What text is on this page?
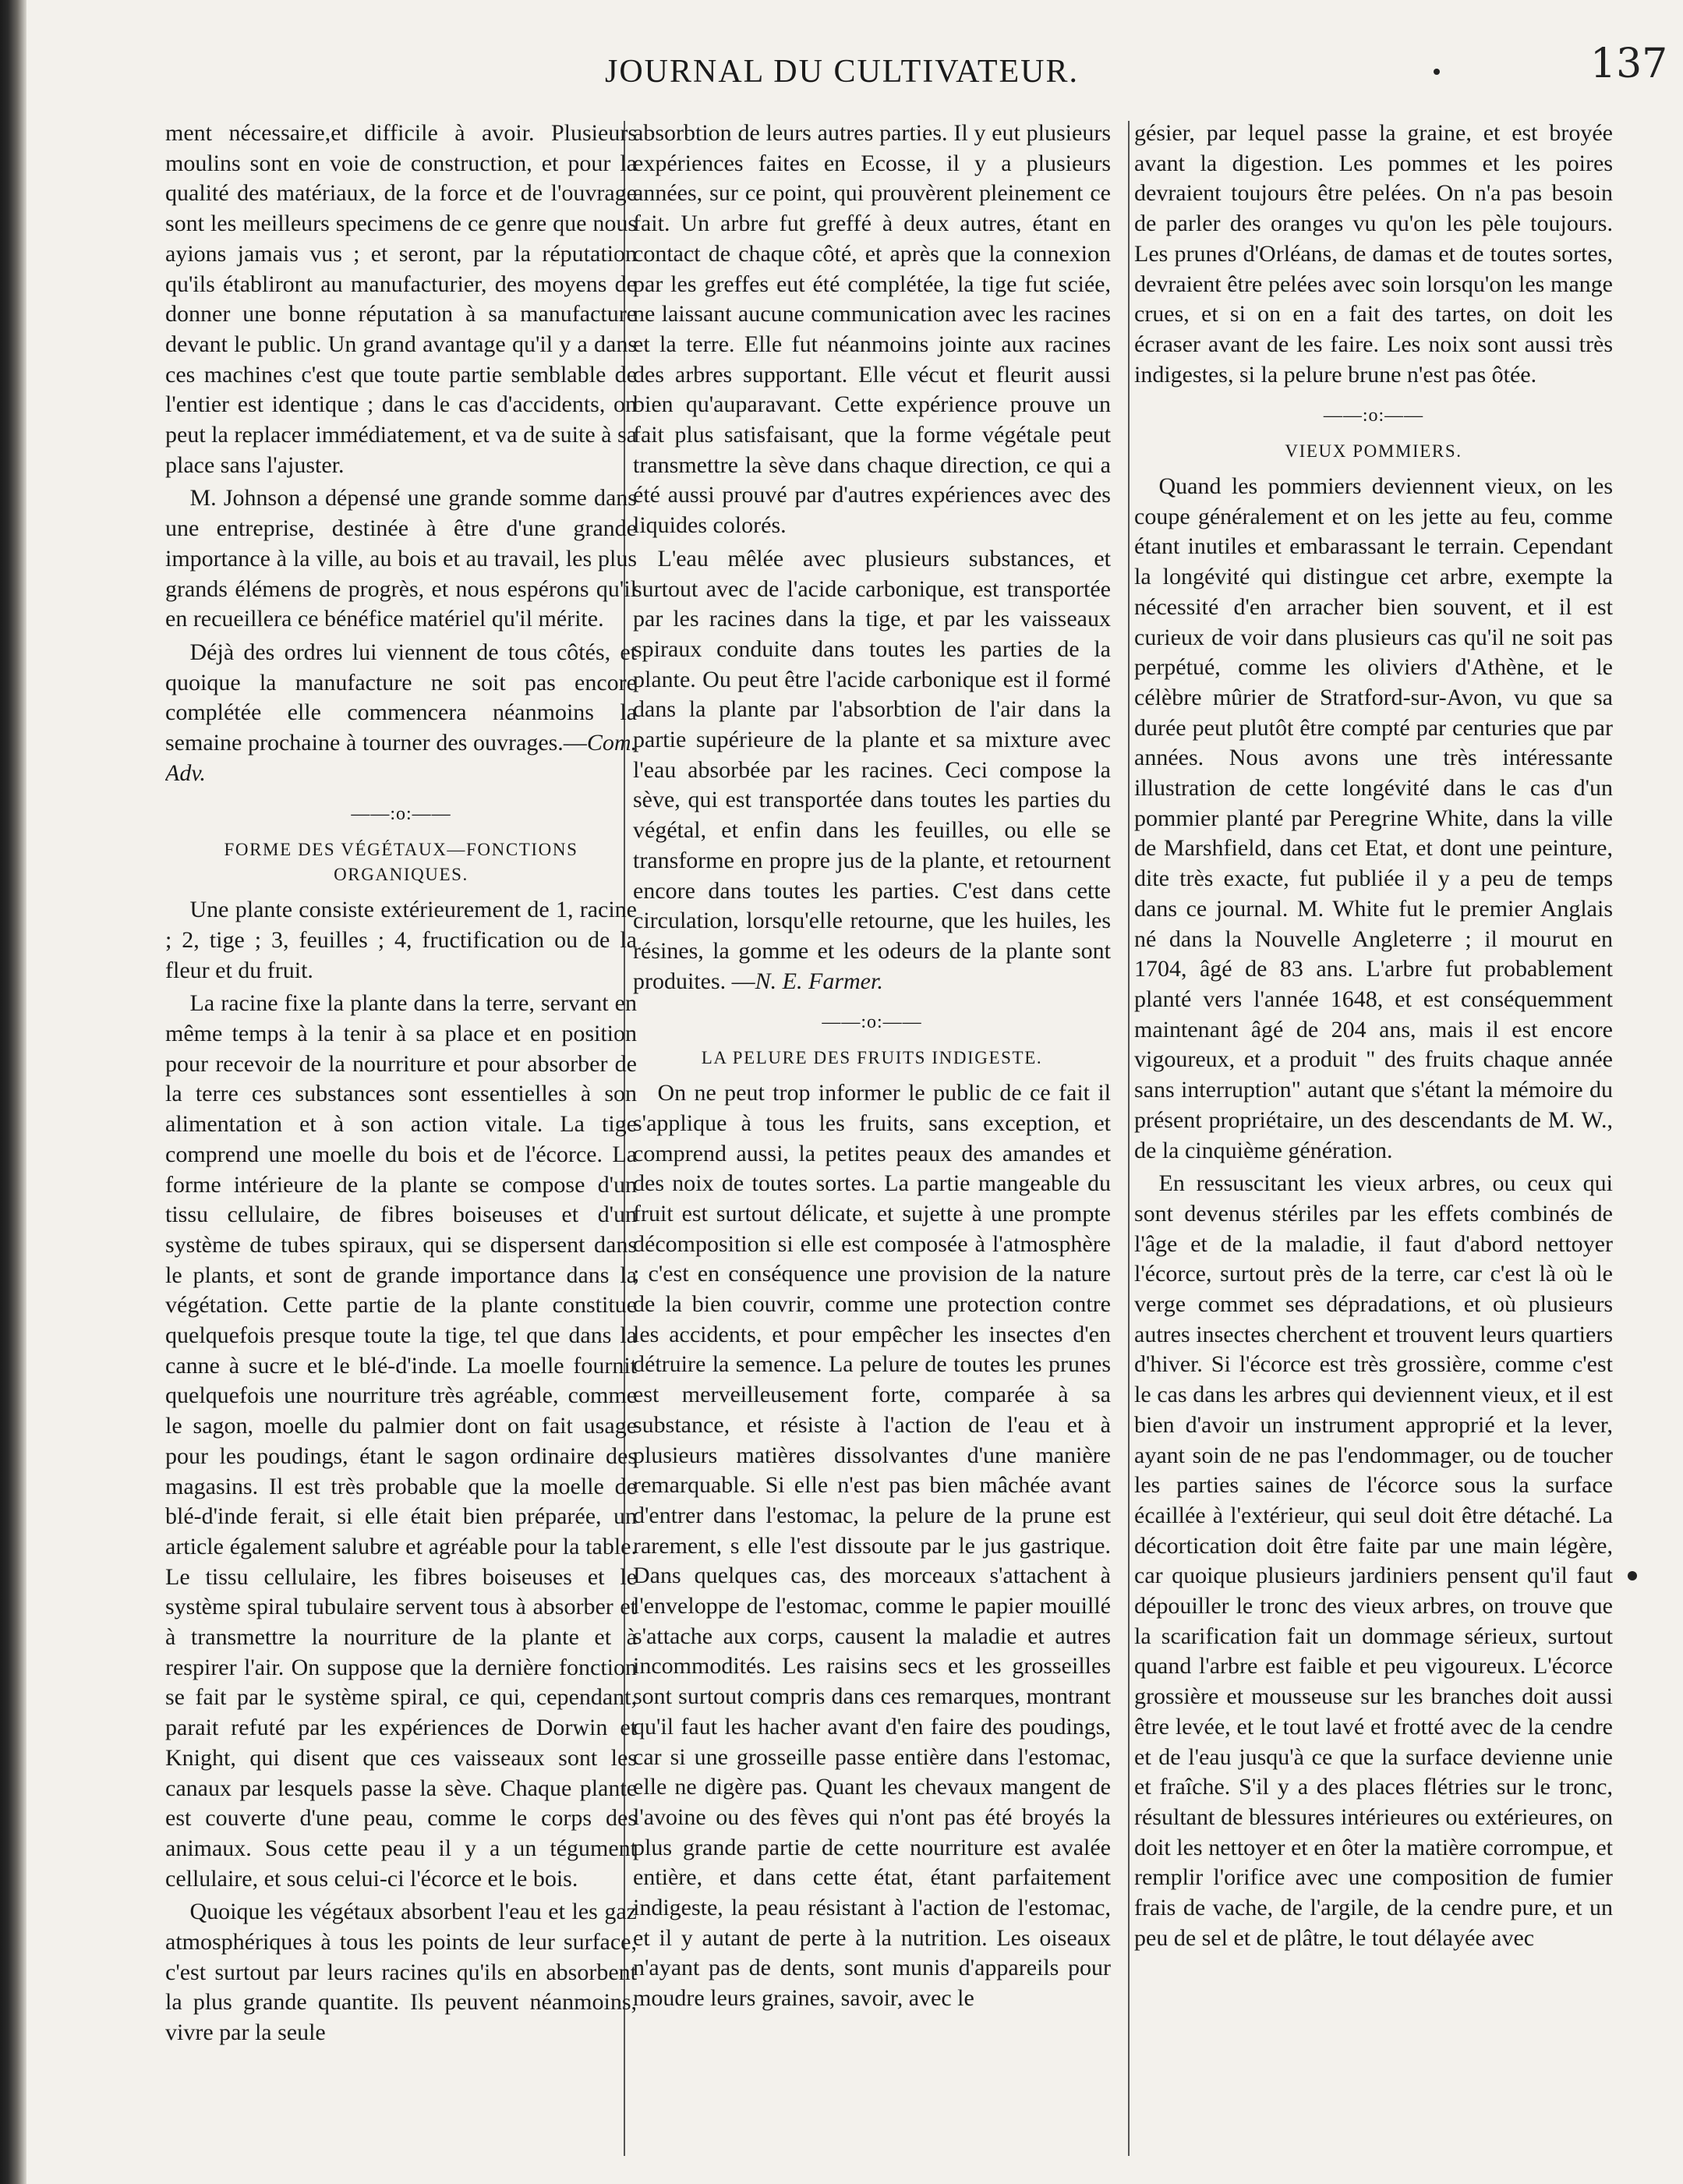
JOURNAL DU CULTIVATEUR.	137

ment nécessaire,et difficile à avoir. Plusieurs moulins sont en voie de construction, et pour la qualité des matériaux, de la force et de l'ouvrage sont les meilleurs specimens de ce genre que nous ayions jamais vus ; et seront, par la réputation qu'ils établiront au manufacturier, des moyens de donner une bonne réputation à sa manufacture devant le public. Un grand avantage qu'il y a dans ces machines c'est que toute partie semblable de l'entier est identique ; dans le cas d'accidents, on peut la replacer immédiatement, et va de suite à sa place sans l'ajuster.

M. Johnson a dépensé une grande somme dans une entreprise, destinée à être d'une grande importance à la ville, au bois et au travail, les plus grands élémens de progrès, et nous espérons qu'il en recueillera ce bénéfice matériel qu'il mérite.

Déjà des ordres lui viennent de tous côtés, et quoique la manufacture ne soit pas encore complétée elle commencera néanmoins la semaine prochaine à tourner des ouvrages.—Com. Adv.

——:o:——
FORME DES VÉGÉTAUX—FONCTIONS
ORGANIQUES.

Une plante consiste extérieurement de 1, racine ; 2, tige ; 3, feuilles ; 4, fructification ou de la fleur et du fruit.

La racine fixe la plante dans la terre, servant en même temps à la tenir à sa place et en position pour recevoir de la nourriture et pour absorber de la terre ces substances sont essentielles à son alimentation et à son action vitale. La tige comprend une moelle du bois et de l'écorce. La forme intérieure de la plante se compose d'un tissu cellulaire, de fibres boiseuses et d'un système de tubes spiraux, qui se dispersent dans le plants, et sont de grande importance dans la végétation. Cette partie de la plante constitue quelquefois presque toute la tige, tel que dans la canne à sucre et le blé-d'inde. La moelle fournit quelquefois une nourriture très agréable, comme le sagon, moelle du palmier dont on fait usage pour les poudings, étant le sagon ordinaire des magasins. Il est très probable que la moelle de blé-d'inde ferait, si elle était bien préparée, un article également salubre et agréable pour la table. Le tissu cellulaire, les fibres boiseuses et le système spiral tubulaire servent tous à absorber et à transmettre la nourriture de la plante et à respirer l'air. On suppose que la dernière fonction se fait par le système spiral, ce qui, cependant, parait refuté par les expériences de Dorwin et Knight, qui disent que ces vaisseaux sont les canaux par lesquels passe la sève. Chaque plante est couverte d'une peau, comme le corps des animaux. Sous cette peau il y a un tégument cellulaire, et sous celui-ci l'écorce et le bois.

Quoique les végétaux absorbent l'eau et les gaz atmosphériques à tous les points de leur surface, c'est surtout par leurs racines qu'ils en absorbent la plus grande quantite. Ils peuvent néanmoins, vivre par la seule

absorbtion de leurs autres parties. Il y eut plusieurs expériences faites en Ecosse, il y a plusieurs années, sur ce point, qui prouvèrent pleinement ce fait. Un arbre fut greffé à deux autres, étant en contact de chaque côté, et après que la connexion par les greffes eut été complétée, la tige fut sciée, ne laissant aucune communication avec les racines et la terre. Elle fut néanmoins jointe aux racines des arbres supportant. Elle vécut et fleurit aussi bien qu'auparavant. Cette expérience prouve un fait plus satisfaisant, que la forme végétale peut transmettre la sève dans chaque direction, ce qui a été aussi prouvé par d'autres expériences avec des liquides colorés.

L'eau mêlée avec plusieurs substances, et surtout avec de l'acide carbonique, est transportée par les racines dans la tige, et par les vaisseaux spiraux conduite dans toutes les parties de la plante. Ou peut être l'acide carbonique est il formé dans la plante par l'absorbtion de l'air dans la partie supérieure de la plante et sa mixture avec l'eau absorbée par les racines. Ceci compose la sève, qui est transportée dans toutes les parties du végétal, et enfin dans les feuilles, ou elle se transforme en propre jus de la plante, et retournent encore dans toutes les parties. C'est dans cette circulation, lorsqu'elle retourne, que les huiles, les résines, la gomme et les odeurs de la plante sont produites. —N. E. Farmer.

——:o:——
LA PELURE DES FRUITS INDIGESTE.

On ne peut trop informer le public de ce fait il s'applique à tous les fruits, sans exception, et comprend aussi, la petites peaux des amandes et des noix de toutes sortes. La partie mangeable du fruit est surtout délicate, et sujette à une prompte décomposition si elle est composée à l'atmosphère ; c'est en conséquence une provision de la nature de la bien couvrir, comme une protection contre les accidents, et pour empêcher les insectes d'en détruire la semence. La pelure de toutes les prunes est merveilleusement forte, comparée à sa substance, et résiste à l'action de l'eau et à plusieurs matières dissolvantes d'une manière remarquable. Si elle n'est pas bien mâchée avant d'entrer dans l'estomac, la pelure de la prune est rarement, s elle l'est dissoute par le jus gastrique. Dans quelques cas, des morceaux s'attachent à l'enveloppe de l'estomac, comme le papier mouillé s'attache aux corps, causent la maladie et autres incommodités. Les raisins secs et les grosseilles sont surtout compris dans ces remarques, montrant qu'il faut les hacher avant d'en faire des poudings, car si une grosseille passe entière dans l'estomac, elle ne digère pas. Quant les chevaux mangent de l'avoine ou des fèves qui n'ont pas été broyés la plus grande partie de cette nourriture est avalée entière, et dans cette état, étant parfaitement indigeste, la peau résistant à l'action de l'estomac, et il y autant de perte à la nutrition. Les oiseaux n'ayant pas de dents, sont munis d'appareils pour moudre leurs graines, savoir, avec le

gésier, par lequel passe la graine, et est broyée avant la digestion. Les pommes et les poires devraient toujours être pelées. On n'a pas besoin de parler des oranges vu qu'on les pèle toujours. Les prunes d'Orléans, de damas et de toutes sortes, devraient être pelées avec soin lorsqu'on les mange crues, et si on en a fait des tartes, on doit les écraser avant de les faire. Les noix sont aussi très indigestes, si la pelure brune n'est pas ôtée.

——:o:——
VIEUX POMMIERS.

Quand les pommiers deviennent vieux, on les coupe généralement et on les jette au feu, comme étant inutiles et embarassant le terrain. Cependant la longévité qui distingue cet arbre, exempte la nécessité d'en arracher bien souvent, et il est curieux de voir dans plusieurs cas qu'il ne soit pas perpétué, comme les oliviers d'Athène, et le célèbre mûrier de Stratford-sur-Avon, vu que sa durée peut plutôt être compté par centuries que par années. Nous avons une très intéressante illustration de cette longévité dans le cas d'un pommier planté par Peregrine White, dans la ville de Marshfield, dans cet Etat, et dont une peinture, dite très exacte, fut publiée il y a peu de temps dans ce journal. M. White fut le premier Anglais né dans la Nouvelle Angleterre ; il mourut en 1704, âgé de 83 ans. L'arbre fut probablement planté vers l'année 1648, et est conséquemment maintenant âgé de 204 ans, mais il est encore vigoureux, et a produit " des fruits chaque année sans interruption" autant que s'étant la mémoire du présent propriétaire, un des descendants de M. W., de la cinquième génération.

En ressuscitant les vieux arbres, ou ceux qui sont devenus stériles par les effets combinés de l'âge et de la maladie, il faut d'abord nettoyer l'écorce, surtout près de la terre, car c'est là où le verge commet ses dépradations, et où plusieurs autres insectes cherchent et trouvent leurs quartiers d'hiver. Si l'écorce est très grossière, comme c'est le cas dans les arbres qui deviennent vieux, et il est bien d'avoir un instrument approprié et la lever, ayant soin de ne pas l'endommager, ou de toucher les parties saines de l'écorce sous la surface écaillée à l'extérieur, qui seul doit être détaché. La décortication doit être faite par une main légère, car quoique plusieurs jardiniers pensent qu'il faut dépouiller le tronc des vieux arbres, on trouve que la scarification fait un dommage sérieux, surtout quand l'arbre est faible et peu vigoureux. L'écorce grossière et mousseuse sur les branches doit aussi être levée, et le tout lavé et frotté avec de la cendre et de l'eau jusqu'à ce que la surface devienne unie et fraîche. S'il y a des places flétries sur le tronc, résultant de blessures intérieures ou extérieures, on doit les nettoyer et en ôter la matière corrompue, et remplir l'orifice avec une composition de fumier frais de vache, de l'argile, de la cendre pure, et un peu de sel et de plâtre, le tout délayée avec
